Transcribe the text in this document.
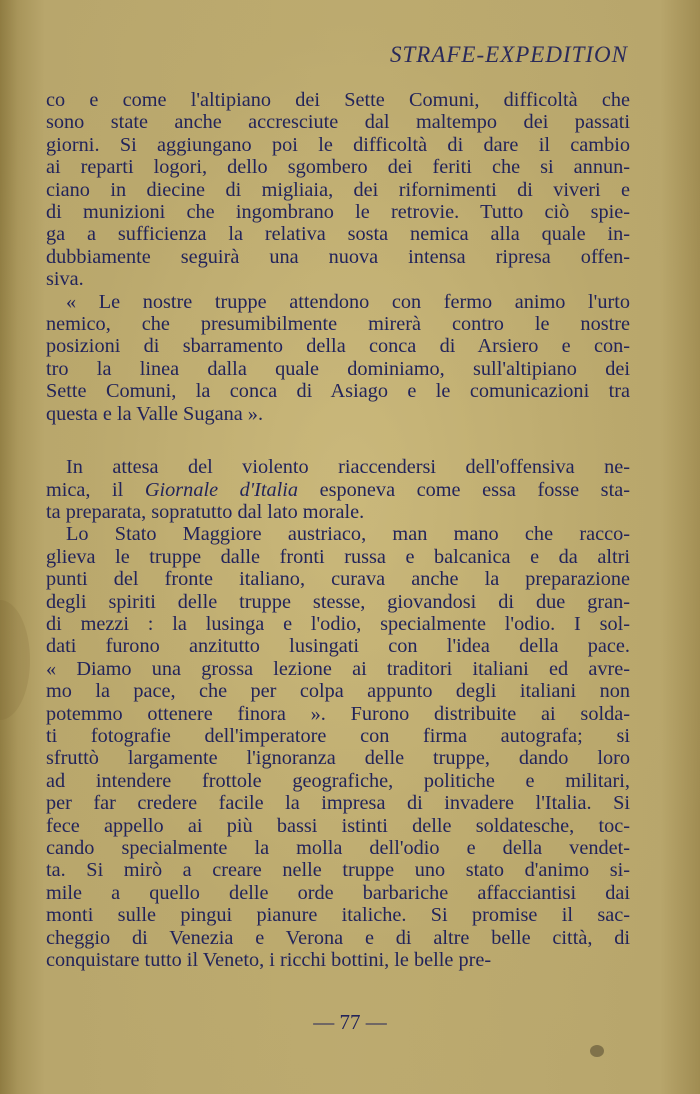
STRAFE-EXPEDITION
co e come l'altipiano dei Sette Comuni, difficoltà che
sono state anche accresciute dal maltempo dei passati
giorni. Si aggiungano poi le difficoltà di dare il cambio
ai reparti logori, dello sgombero dei feriti che si annun-
ciano in diecine di migliaia, dei rifornimenti di viveri e
di munizioni che ingombrano le retrovie. Tutto ciò spie-
ga a sufficienza la relativa sosta nemica alla quale in-
dubbiamente seguirà una nuova intensa ripresa offen-
siva.
« Le nostre truppe attendono con fermo animo l'urto
nemico, che presumibilmente mirerà contro le nostre
posizioni di sbarramento della conca di Arsiero e con-
tro la linea dalla quale dominiamo, sull'altipiano dei
Sette Comuni, la conca di Asiago e le comunicazioni tra
questa e la Valle Sugana ».
In attesa del violento riaccendersi dell'offensiva ne-
mica, il Giornale d'Italia esponeva come essa fosse sta-
ta preparata, sopratutto dal lato morale.
Lo Stato Maggiore austriaco, man mano che racco-
glieva le truppe dalle fronti russa e balcanica e da altri
punti del fronte italiano, curava anche la preparazione
degli spiriti delle truppe stesse, giovandosi di due gran-
di mezzi : la lusinga e l'odio, specialmente l'odio. I sol-
dati furono anzitutto lusingati con l'idea della pace.
« Diamo una grossa lezione ai traditori italiani ed avre-
mo la pace, che per colpa appunto degli italiani non
potemmo ottenere finora ». Furono distribuite ai solda-
ti fotografie dell'imperatore con firma autografa; si
sfruttò largamente l'ignoranza delle truppe, dando loro
ad intendere frottole geografiche, politiche e militari,
per far credere facile la impresa di invadere l'Italia. Si
fece appello ai più bassi istinti delle soldatesche, toc-
cando specialmente la molla dell'odio e della vendet-
ta. Si mirò a creare nelle truppe uno stato d'animo si-
mile a quello delle orde barbariche affacciantisi dai
monti sulle pingui pianure italiche. Si promise il sac-
cheggio di Venezia e Verona e di altre belle città, di
conquistare tutto il Veneto, i ricchi bottini, le belle pre-
— 77 —
